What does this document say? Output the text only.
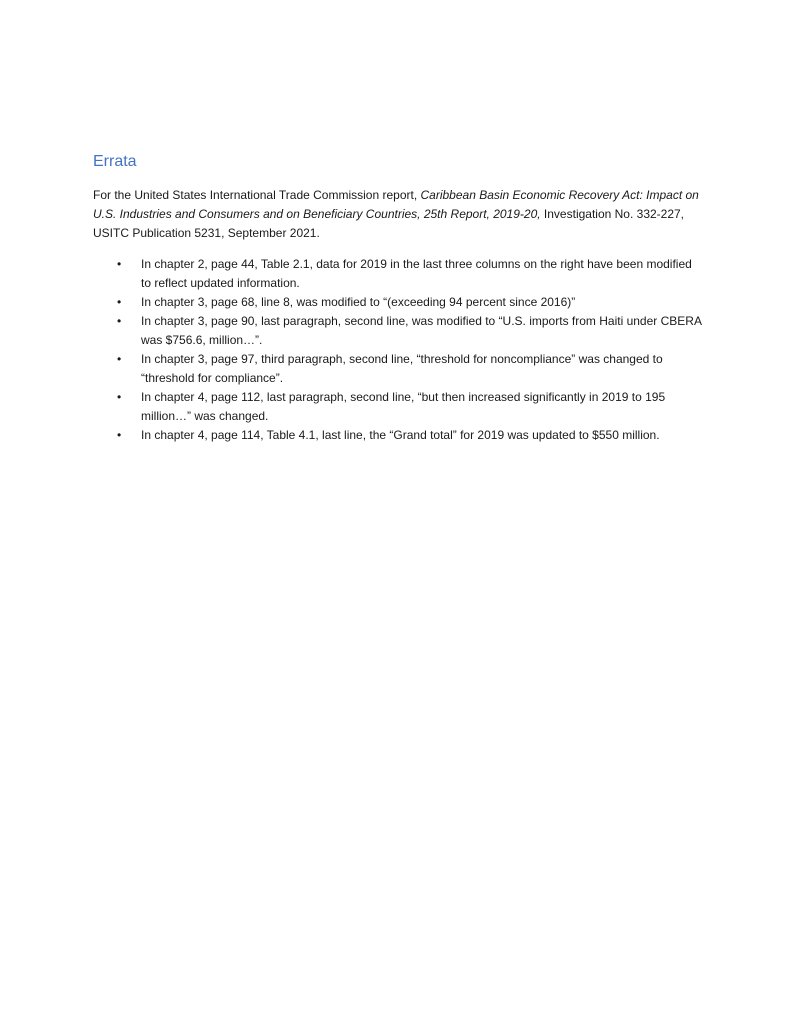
Errata

For the United States International Trade Commission report, Caribbean Basin Economic Recovery Act: Impact on U.S. Industries and Consumers and on Beneficiary Countries, 25th Report, 2019-20, Investigation No. 332-227, USITC Publication 5231, September 2021.

• In chapter 2, page 44, Table 2.1, data for 2019 in the last three columns on the right have been modified to reflect updated information.
• In chapter 3, page 68, line 8, was modified to “(exceeding 94 percent since 2016)”
• In chapter 3, page 90, last paragraph, second line, was modified to “U.S. imports from Haiti under CBERA was $756.6, million…”.
• In chapter 3, page 97, third paragraph, second line, “threshold for noncompliance” was changed to “threshold for compliance”.
• In chapter 4, page 112, last paragraph, second line, “but then increased significantly in 2019 to 195 million…” was changed.
• In chapter 4, page 114, Table 4.1, last line, the “Grand total” for 2019 was updated to $550 million.
